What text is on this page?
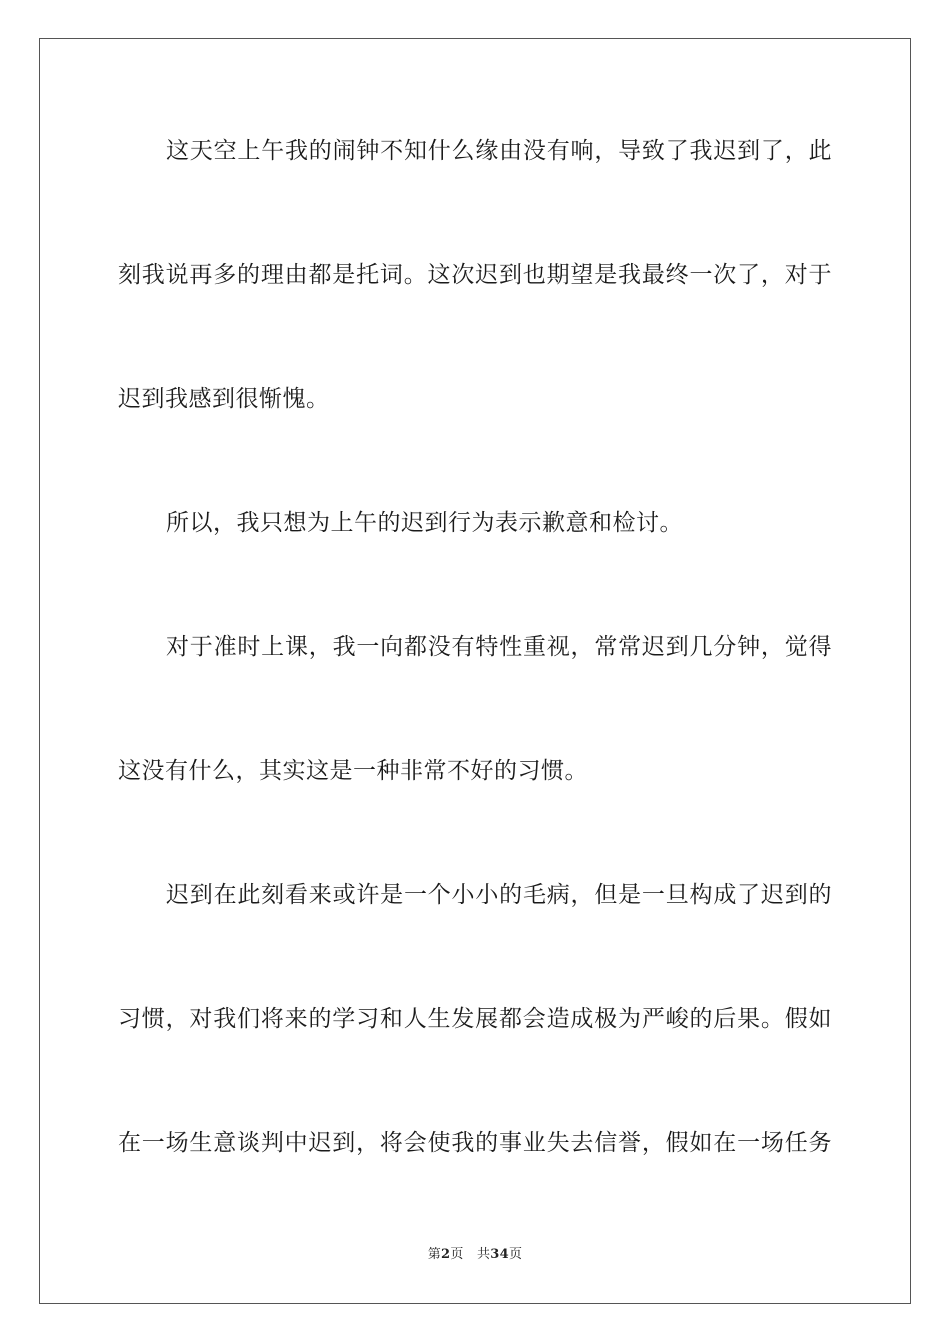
这天空上午我的闹钟不知什么缘由没有响，导致了我迟到了，此
刻我说再多的理由都是托词。这次迟到也期望是我最终一次了，对于
迟到我感到很惭愧。
所以，我只想为上午的迟到行为表示歉意和检讨。
对于准时上课，我一向都没有特性重视，常常迟到几分钟，觉得
这没有什么，其实这是一种非常不好的习惯。
迟到在此刻看来或许是一个小小的毛病，但是一旦构成了迟到的
习惯，对我们将来的学习和人生发展都会造成极为严峻的后果。假如
在一场生意谈判中迟到，将会使我的事业失去信誉，假如在一场任务
第2页 共34页
